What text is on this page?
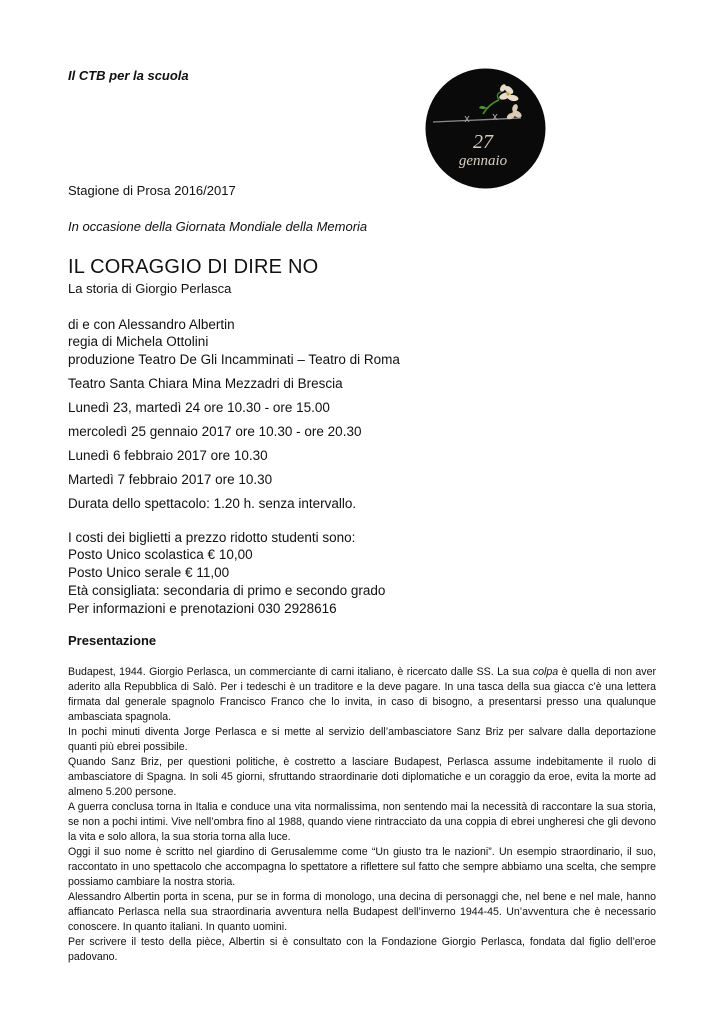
Il CTB per la scuola
27
gennaio
Stagione di Prosa 2016/2017
In occasione della Giornata Mondiale della Memoria
IL CORAGGIO DI DIRE NO
La storia di Giorgio Perlasca
di e con Alessandro Albertin
regia di Michela Ottolini
produzione Teatro De Gli Incamminati – Teatro di Roma
Teatro Santa Chiara Mina Mezzadri di Brescia
Lunedì 23, martedì 24 ore 10.30 - ore 15.00
mercoledì 25 gennaio 2017 ore 10.30 - ore 20.30
Lunedì 6 febbraio 2017 ore 10.30
Martedì 7 febbraio 2017 ore 10.30
Durata dello spettacolo: 1.20 h. senza intervallo.
I costi dei biglietti a prezzo ridotto studenti sono:
Posto Unico scolastica € 10,00
Posto Unico serale € 11,00
Età consigliata: secondaria di primo e secondo grado
Per informazioni e prenotazioni 030 2928616
Presentazione

Budapest, 1944. Giorgio Perlasca, un commerciante di carni italiano, è ricercato dalle SS. La sua colpa è quella di non aver aderito alla Repubblica di Salò. Per i tedeschi è un traditore e la deve pagare. In una tasca della sua giacca c’è una lettera firmata dal generale spagnolo Francisco Franco che lo invita, in caso di bisogno, a presentarsi presso una qualunque ambasciata spagnola.

In pochi minuti diventa Jorge Perlasca e si mette al servizio dell’ambasciatore Sanz Briz per salvare dalla deportazione quanti più ebrei possibile.

Quando Sanz Briz, per questioni politiche, è costretto a lasciare Budapest, Perlasca assume indebitamente il ruolo di ambasciatore di Spagna. In soli 45 giorni, sfruttando straordinarie doti diplomatiche e un coraggio da eroe, evita la morte ad almeno 5.200 persone.

A guerra conclusa torna in Italia e conduce una vita normalissima, non sentendo mai la necessità di raccontare la sua storia, se non a pochi intimi. Vive nell’ombra fino al 1988, quando viene rintracciato da una coppia di ebrei ungheresi che gli devono la vita e solo allora, la sua storia torna alla luce.

Oggi il suo nome è scritto nel giardino di Gerusalemme come “Un giusto tra le nazioni”. Un esempio straordinario, il suo, raccontato in uno spettacolo che accompagna lo spettatore a riflettere sul fatto che sempre abbiamo una scelta, che sempre possiamo cambiare la nostra storia.

Alessandro Albertin porta in scena, pur se in forma di monologo, una decina di personaggi che, nel bene e nel male, hanno affiancato Perlasca nella sua straordinaria avventura nella Budapest dell’inverno 1944-45. Un’avventura che è necessario conoscere. In quanto italiani. In quanto uomini.

Per scrivere il testo della pièce, Albertin si è consultato con la Fondazione Giorgio Perlasca, fondata dal figlio dell’eroe padovano.
